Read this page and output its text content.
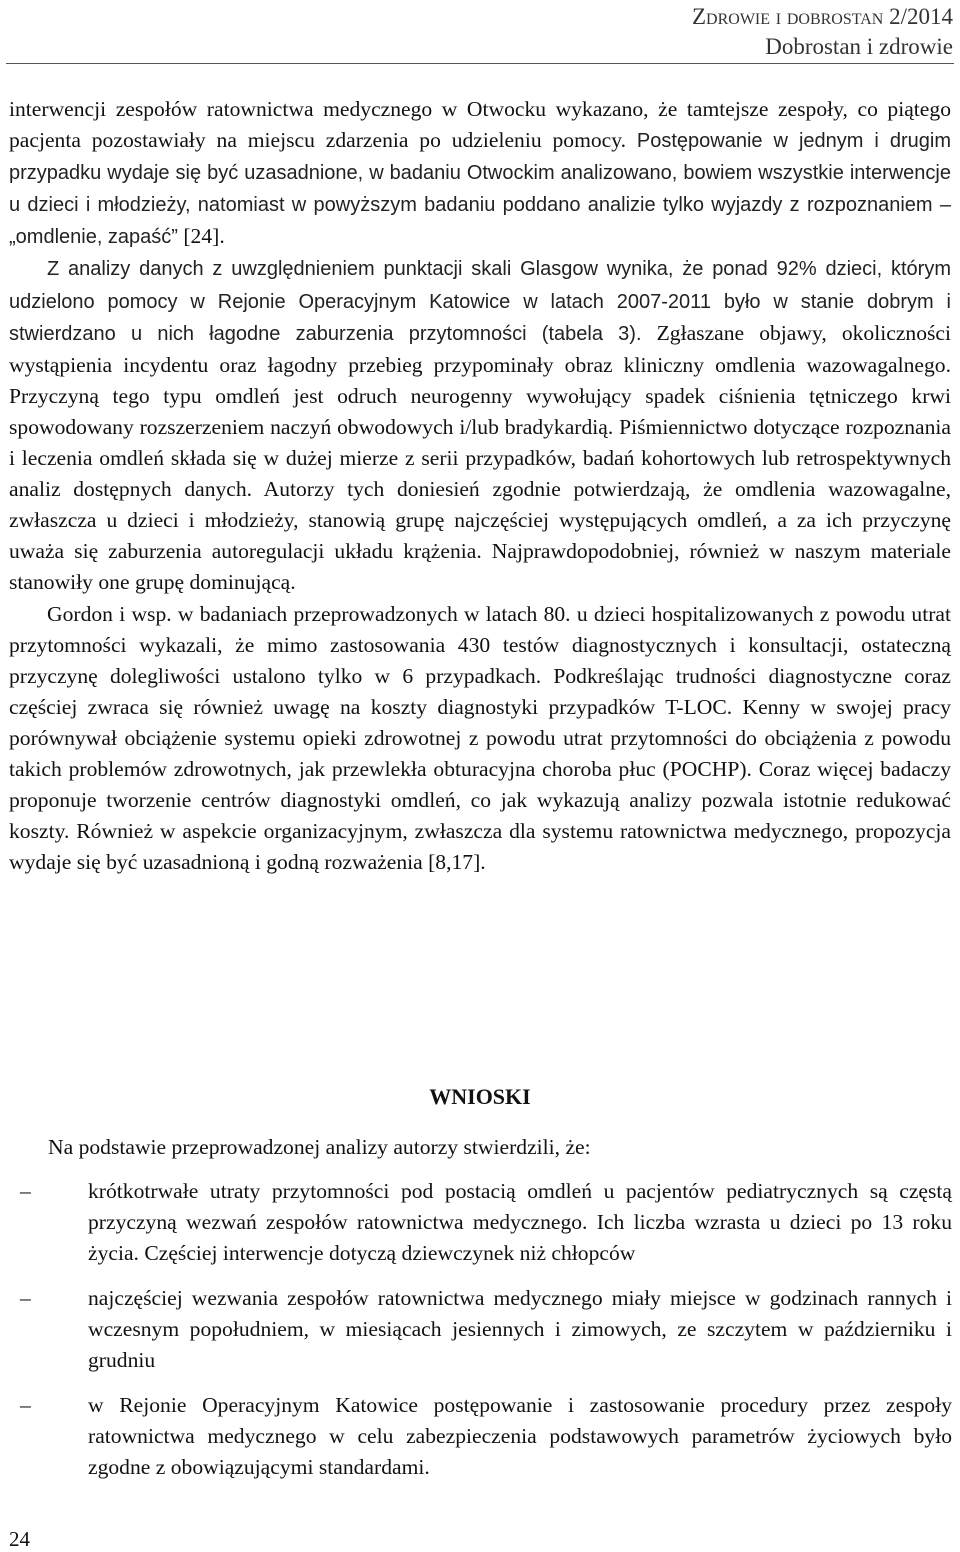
Zdrowie i dobrostan 2/2014
Dobrostan i zdrowie

interwencji zespołów ratownictwa medycznego w Otwocku wykazano, że tamtejsze zespoły, co piątego pacjenta pozostawiały na miejscu zdarzenia po udzieleniu pomocy. Postępowanie w jednym i drugim przypadku wydaje się być uzasadnione, w badaniu Otwockim analizowano, bowiem wszystkie interwencje u dzieci i młodzieży, natomiast w powyższym badaniu poddano analizie tylko wyjazdy z rozpoznaniem – „omdlenie, zapaść” [24].

Z analizy danych z uwzględnieniem punktacji skali Glasgow wynika, że ponad 92% dzieci, którym udzielono pomocy w Rejonie Operacyjnym Katowice w latach 2007-2011 było w stanie dobrym i stwierdzano u nich łagodne zaburzenia przytomności (tabela 3). Zgłaszane objawy, okoliczności wystąpienia incydentu oraz łagodny przebieg przypominały obraz kliniczny omdlenia wazowagalnego. Przyczyną tego typu omdleń jest odruch neurogenny wywołujący spadek ciśnienia tętniczego krwi spowodowany rozszerzeniem naczyń obwodowych i/lub bradykardią. Piśmiennictwo dotyczące rozpoznania i leczenia omdleń składa się w dużej mierze z serii przypadków, badań kohortowych lub retrospektywnych analiz dostępnych danych. Autorzy tych doniesień zgodnie potwierdzają, że omdlenia wazowagalne, zwłaszcza u dzieci i młodzieży, stanowią grupę najczęściej występujących omdleń, a za ich przyczynę uważa się zaburzenia autoregulacji układu krążenia. Najprawdopodobniej, również w naszym materiale stanowiły one grupę dominującą.

Gordon i wsp. w badaniach przeprowadzonych w latach 80. u dzieci hospitalizowanych z powodu utrat przytomności wykazali, że mimo zastosowania 430 testów diagnostycznych i konsultacji, ostateczną przyczynę dolegliwości ustalono tylko w 6 przypadkach. Podkreślając trudności diagnostyczne coraz częściej zwraca się również uwagę na koszty diagnostyki przypadków T-LOC. Kenny w swojej pracy porównywał obciążenie systemu opieki zdrowotnej z powodu utrat przytomności do obciążenia z powodu takich problemów zdrowotnych, jak przewlekła obturacyjna choroba płuc (POCHP). Coraz więcej badaczy proponuje tworzenie centrów diagnostyki omdleń, co jak wykazują analizy pozwala istotnie redukować koszty. Również w aspekcie organizacyjnym, zwłaszcza dla systemu ratownictwa medycznego, propozycja wydaje się być uzasadnioną i godną rozważenia [8,17].

WNIOSKI
Na podstawie przeprowadzonej analizy autorzy stwierdzili, że:
–	krótkotrwałe utraty przytomności pod postacią omdleń u pacjentów pediatrycznych są częstą przyczyną wezwań zespołów ratownictwa medycznego. Ich liczba wzrasta u dzieci po 13 roku życia. Częściej interwencje dotyczą dziewczynek niż chłopców
–	najczęściej wezwania zespołów ratownictwa medycznego miały miejsce w godzinach rannych i wczesnym popołudniem, w miesiącach jesiennych i zimowych, ze szczytem w październiku i grudniu
–	w Rejonie Operacyjnym Katowice postępowanie i zastosowanie procedury przez zespoły ratownictwa medycznego w celu zabezpieczenia podstawowych parametrów życiowych było zgodne z obowiązującymi standardami.
24
